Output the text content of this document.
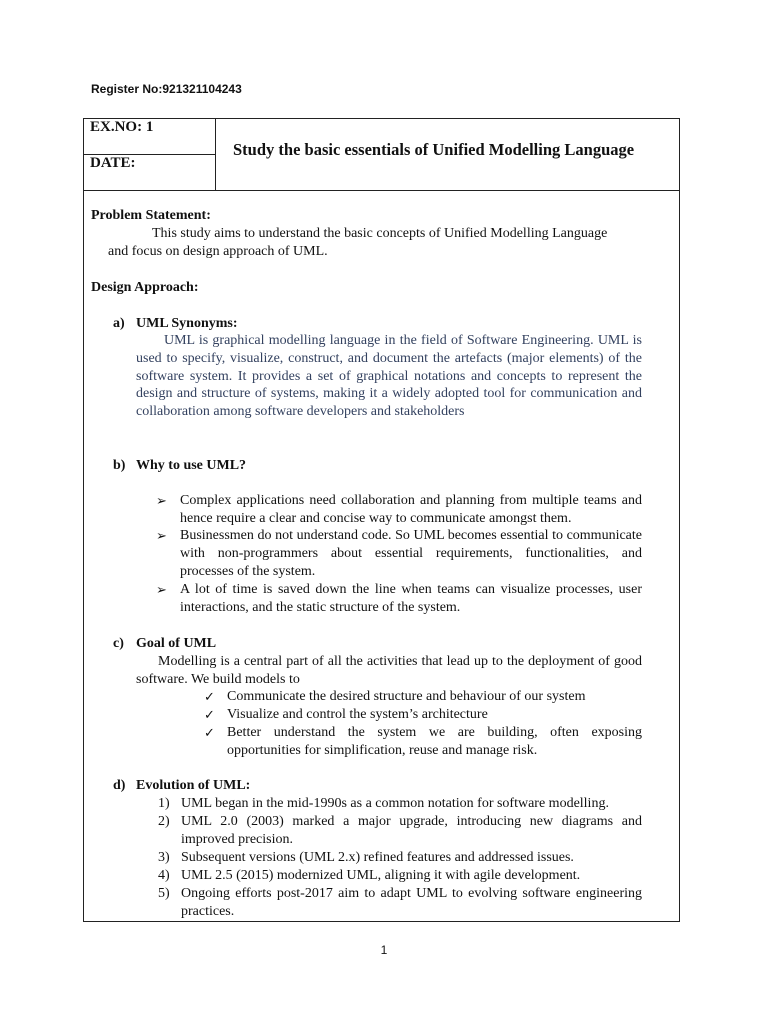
Register No:921321104243
EX.NO: 1
DATE:
Study the basic essentials of Unified Modelling Language
Problem Statement:
This study aims to understand the basic concepts of Unified Modelling Language
and focus on design approach of UML.
Design Approach:
a) UML Synonyms:
UML is graphical modelling language in the field of Software Engineering. UML is used to specify, visualize, construct, and document the artefacts (major elements) of the software system. It provides a set of graphical notations and concepts to represent the design and structure of systems, making it a widely adopted tool for communication and collaboration among software developers and stakeholders
b) Why to use UML?
➢ Complex applications need collaboration and planning from multiple teams and hence require a clear and concise way to communicate amongst them.
➢ Businessmen do not understand code. So UML becomes essential to communicate with non-programmers about essential requirements, functionalities, and processes of the system.
➢ A lot of time is saved down the line when teams can visualize processes, user interactions, and the static structure of the system.
c) Goal of UML
Modelling is a central part of all the activities that lead up to the deployment of good software. We build models to
✓ Communicate the desired structure and behaviour of our system
✓ Visualize and control the system’s architecture
✓ Better understand the system we are building, often exposing opportunities for simplification, reuse and manage risk.
d) Evolution of UML:
1) UML began in the mid-1990s as a common notation for software modelling.
2) UML 2.0 (2003) marked a major upgrade, introducing new diagrams and improved precision.
3) Subsequent versions (UML 2.x) refined features and addressed issues.
4) UML 2.5 (2015) modernized UML, aligning it with agile development.
5) Ongoing efforts post-2017 aim to adapt UML to evolving software engineering practices.
1
